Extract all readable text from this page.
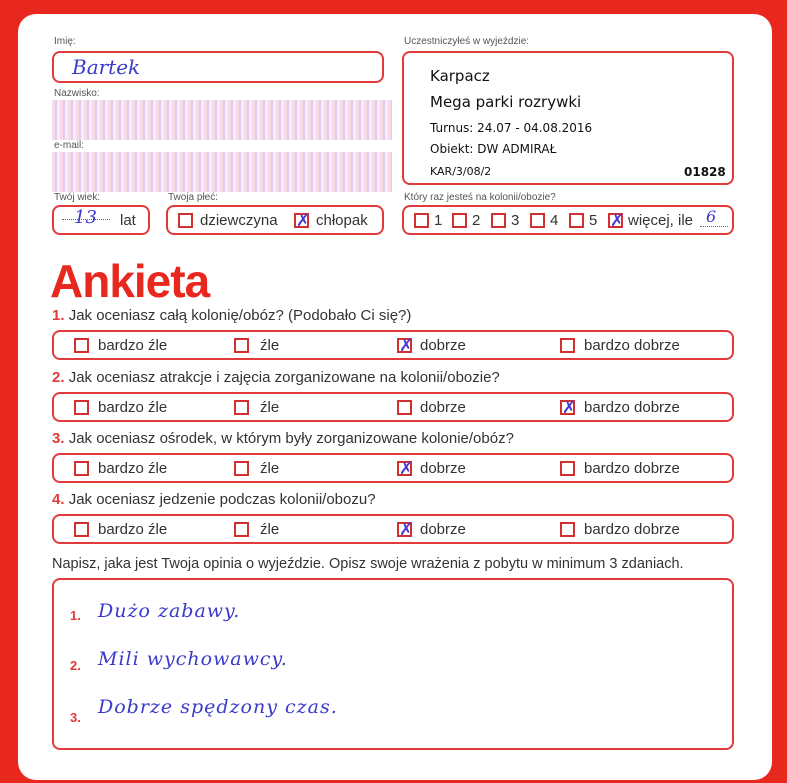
Imię:
Bartek
Nazwisko:
e-mail:
Uczestniczyłeś w wyjeździe:
Karpacz
Mega parki rozrywki
Turnus: 24.07 - 04.08.2016
Obiekt: DW ADMIRAŁ
KAR/3/08/2	01828
Twój wiek:
13 lat
Twoja płeć:
dziewczyna ✗ chłopak
Który raz jesteś na kolonii/obozie?
1 2 3 4 5 ✗ więcej, ile 6
Ankieta
1. Jak oceniasz całą kolonię/obóz? (Podobało Ci się?)
bardzo źle	źle	✗ dobrze	bardzo dobrze
2. Jak oceniasz atrakcje i zajęcia zorganizowane na kolonii/obozie?
bardzo źle	źle	dobrze	✗ bardzo dobrze
3. Jak oceniasz ośrodek, w którym były zorganizowane kolonie/obóz?
bardzo źle	źle	✗ dobrze	bardzo dobrze
4. Jak oceniasz jedzenie podczas kolonii/obozu?
bardzo źle	źle	✗ dobrze	bardzo dobrze
Napisz, jaka jest Twoja opinia o wyjeździe. Opisz swoje wrażenia z pobytu w minimum 3 zdaniach.
1. Dużo zabawy.
2. Mili wychowawcy.
3. Dobrze spędzony czas.
